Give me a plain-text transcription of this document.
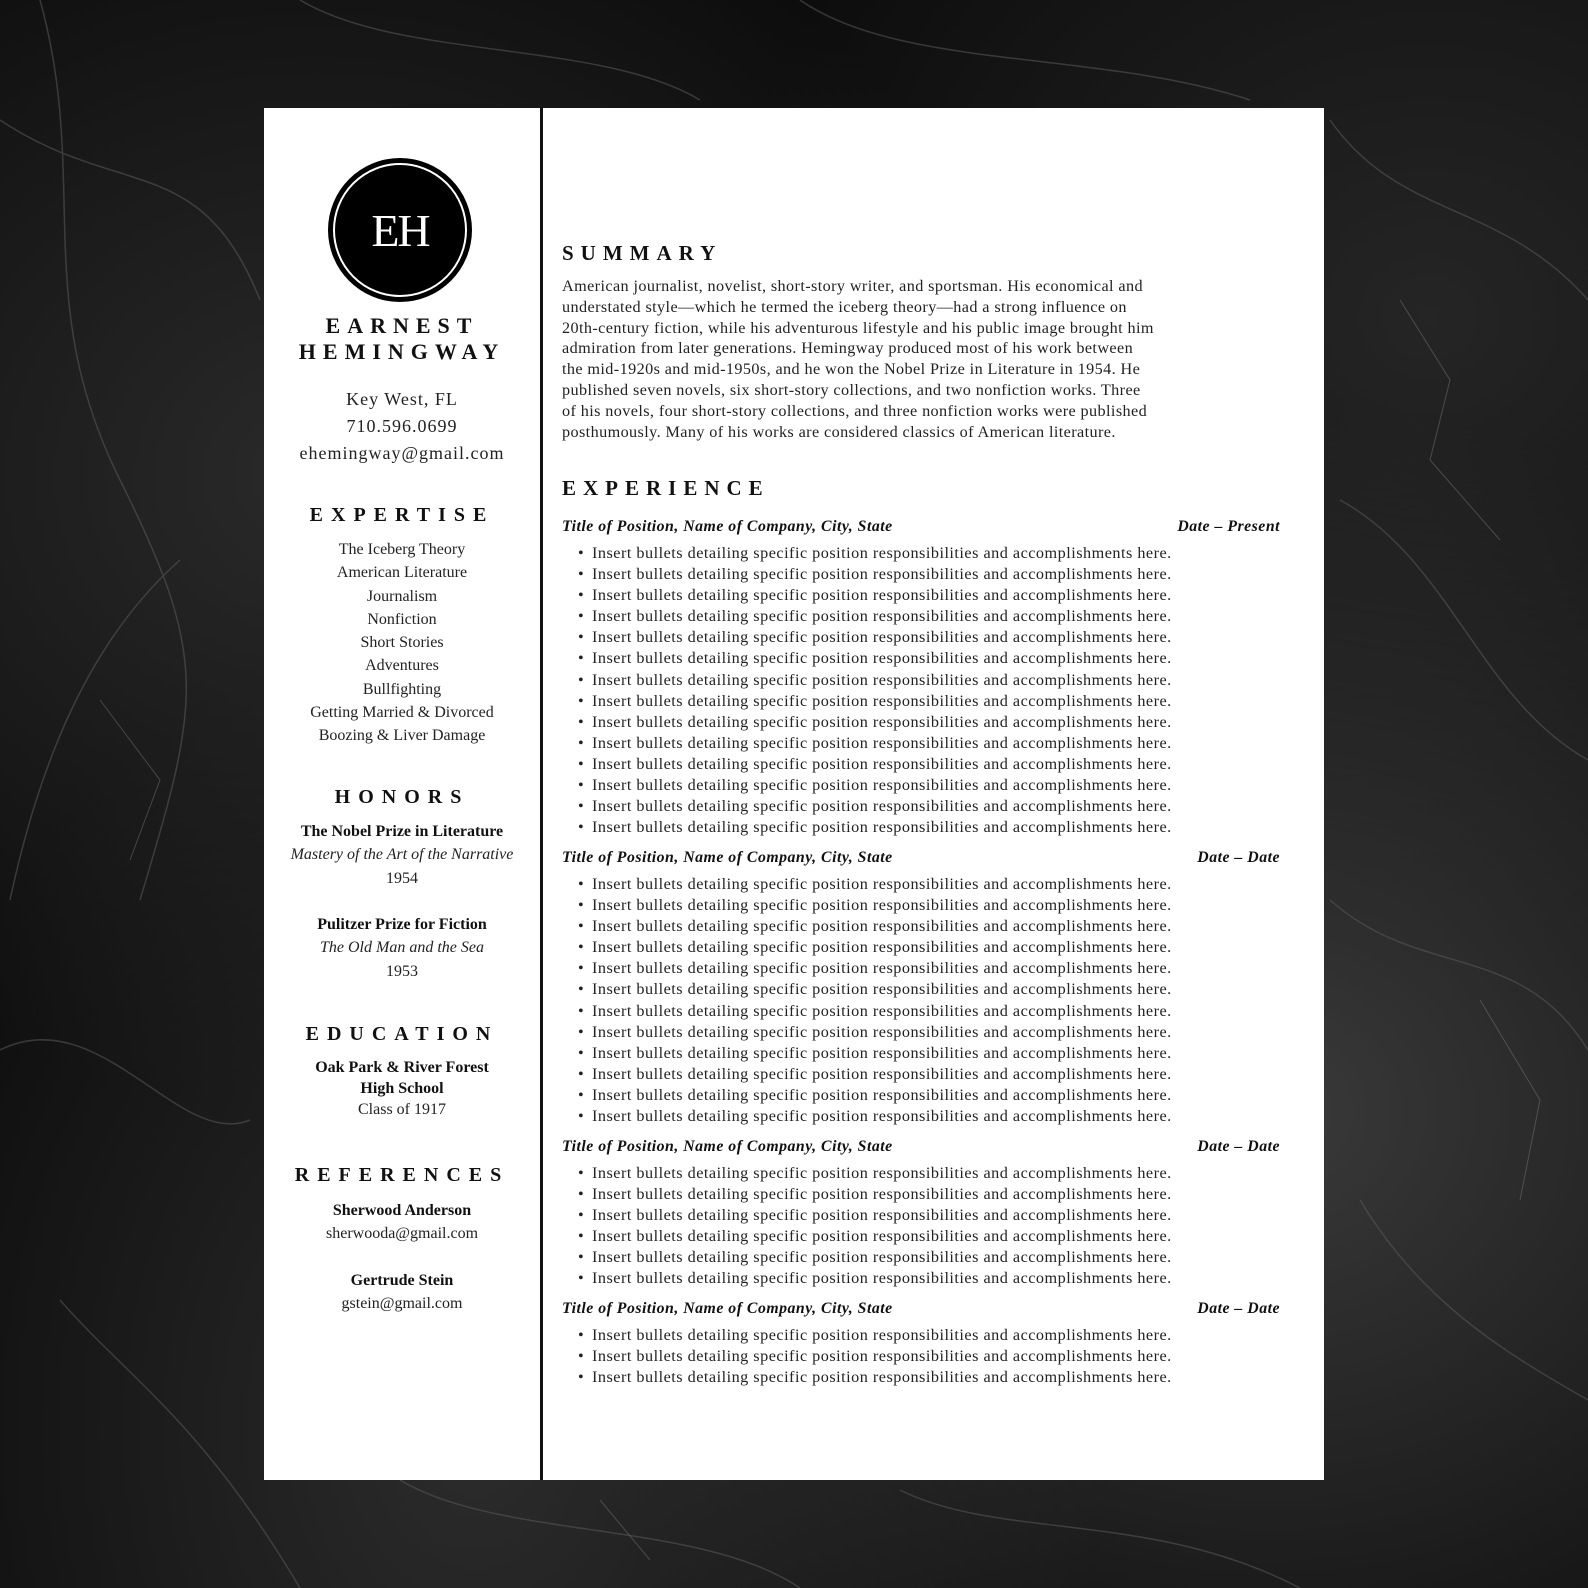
EH
EARNEST
HEMINGWAY
Key West, FL
710.596.0699
ehemingway@gmail.com
EXPERTISE
The Iceberg Theory
American Literature
Journalism
Nonfiction
Short Stories
Adventures
Bullfighting
Getting Married & Divorced
Boozing & Liver Damage
HONORS
The Nobel Prize in Literature
Mastery of the Art of the Narrative
1954
Pulitzer Prize for Fiction
The Old Man and the Sea
1953
EDUCATION
Oak Park & River Forest
High School
Class of 1917
REFERENCES
Sherwood Anderson
sherwooda@gmail.com
Gertrude Stein
gstein@gmail.com
SUMMARY
American journalist, novelist, short-story writer, and sportsman. His economical and
understated style—which he termed the iceberg theory—had a strong influence on
20th-century fiction, while his adventurous lifestyle and his public image brought him
admiration from later generations. Hemingway produced most of his work between
the mid-1920s and mid-1950s, and he won the Nobel Prize in Literature in 1954. He
published seven novels, six short-story collections, and two nonfiction works. Three
of his novels, four short-story collections, and three nonfiction works were published
posthumously. Many of his works are considered classics of American literature.
EXPERIENCE
Title of Position, Name of Company, City, State	Date – Present
• Insert bullets detailing specific position responsibilities and accomplishments here.
• Insert bullets detailing specific position responsibilities and accomplishments here.
• Insert bullets detailing specific position responsibilities and accomplishments here.
• Insert bullets detailing specific position responsibilities and accomplishments here.
• Insert bullets detailing specific position responsibilities and accomplishments here.
• Insert bullets detailing specific position responsibilities and accomplishments here.
• Insert bullets detailing specific position responsibilities and accomplishments here.
• Insert bullets detailing specific position responsibilities and accomplishments here.
• Insert bullets detailing specific position responsibilities and accomplishments here.
• Insert bullets detailing specific position responsibilities and accomplishments here.
• Insert bullets detailing specific position responsibilities and accomplishments here.
• Insert bullets detailing specific position responsibilities and accomplishments here.
• Insert bullets detailing specific position responsibilities and accomplishments here.
• Insert bullets detailing specific position responsibilities and accomplishments here.
Title of Position, Name of Company, City, State	Date – Date
• Insert bullets detailing specific position responsibilities and accomplishments here.
• Insert bullets detailing specific position responsibilities and accomplishments here.
• Insert bullets detailing specific position responsibilities and accomplishments here.
• Insert bullets detailing specific position responsibilities and accomplishments here.
• Insert bullets detailing specific position responsibilities and accomplishments here.
• Insert bullets detailing specific position responsibilities and accomplishments here.
• Insert bullets detailing specific position responsibilities and accomplishments here.
• Insert bullets detailing specific position responsibilities and accomplishments here.
• Insert bullets detailing specific position responsibilities and accomplishments here.
• Insert bullets detailing specific position responsibilities and accomplishments here.
• Insert bullets detailing specific position responsibilities and accomplishments here.
• Insert bullets detailing specific position responsibilities and accomplishments here.
Title of Position, Name of Company, City, State	Date – Date
• Insert bullets detailing specific position responsibilities and accomplishments here.
• Insert bullets detailing specific position responsibilities and accomplishments here.
• Insert bullets detailing specific position responsibilities and accomplishments here.
• Insert bullets detailing specific position responsibilities and accomplishments here.
• Insert bullets detailing specific position responsibilities and accomplishments here.
• Insert bullets detailing specific position responsibilities and accomplishments here.
Title of Position, Name of Company, City, State	Date – Date
• Insert bullets detailing specific position responsibilities and accomplishments here.
• Insert bullets detailing specific position responsibilities and accomplishments here.
• Insert bullets detailing specific position responsibilities and accomplishments here.
